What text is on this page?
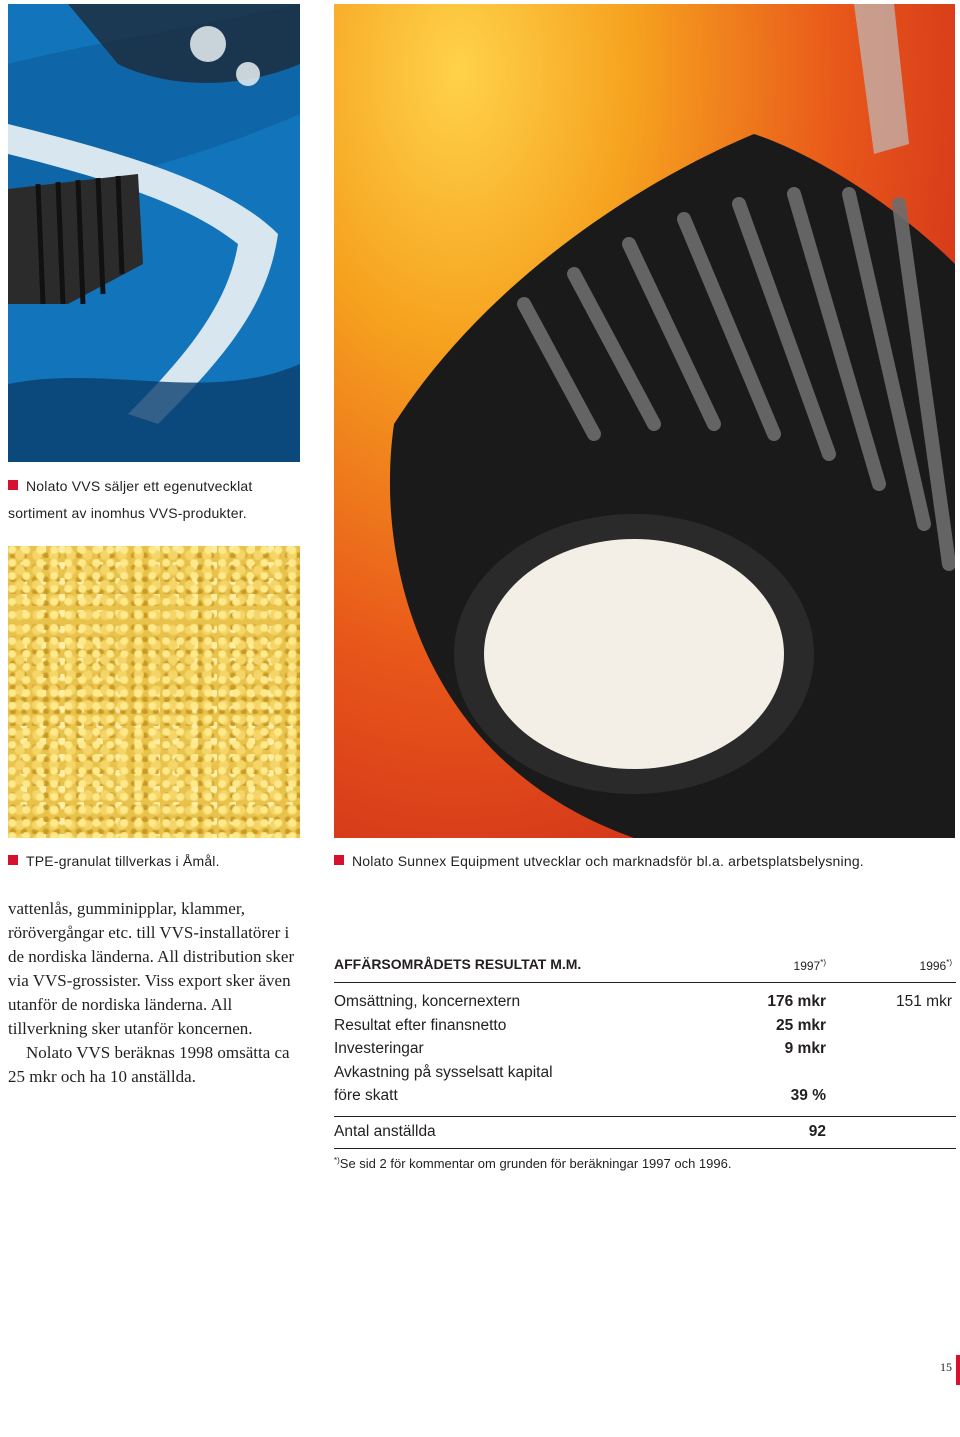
Nolato VVS säljer ett egenutvecklat sortiment av inomhus VVS-produkter.
TPE-granulat tillverkas i Åmål.	Nolato Sunnex Equipment utvecklar och marknadsför bl.a. arbetsplatsbelysning.

vattenlås, gumminipplar, klammer, rörövergångar etc. till VVS-installatörer i de nordiska länderna. All distribution sker via VVS-grossister. Viss export sker även utanför de nordiska länderna. All tillverkning sker utanför koncernen.

Nolato VVS beräknas 1998 omsätta ca 25 mkr och ha 10 anställda.

AFFÄRSOMRÅDETS RESULTAT M.M.	1997*)	1996*)
Omsättning, koncernextern	176 mkr	151 mkr
Resultat efter finansnetto	25 mkr
Investeringar	9 mkr
Avkastning på sysselsatt kapital
före skatt	39 %
Antal anställda	92
*)Se sid 2 för kommentar om grunden för beräkningar 1997 och 1996.
15
